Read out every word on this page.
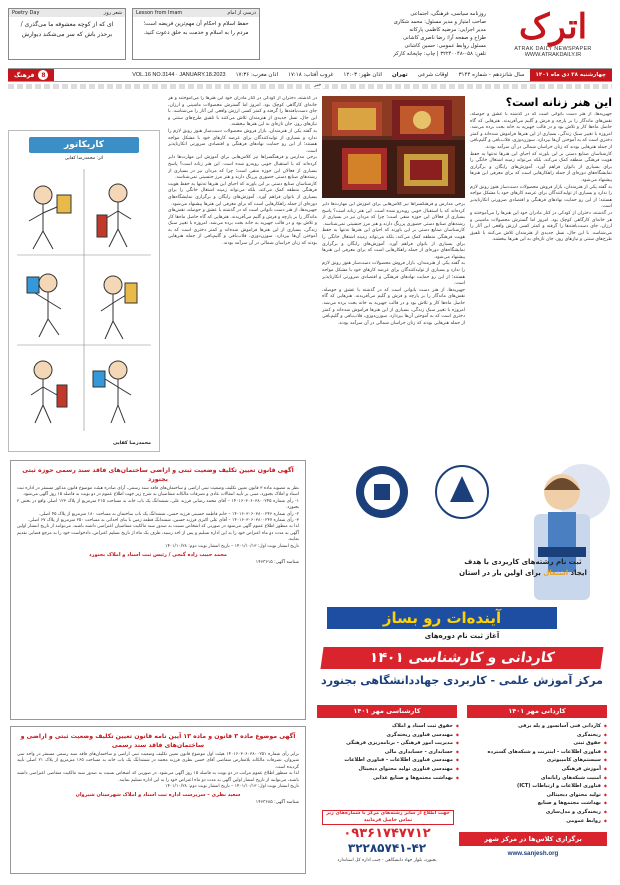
اترک
ATRAK DAILY NEWSPAPER
WWW.ATRAKDAILY.IR
روزنامه سیاسی، فرهنگی، اجتماعی
صاحب امتیاز و مدیر مسئول: محمد شکاری
مدیر اجرایی: مرضیه کاظمی پارکانه
طراح و صفحه آرا: رضا ناصری کاشانی
مسئول روابط عمومی: حسین کاشانی
تلفن: ۰۵۸-۳۲۲۴۰۰۴۸ | چاپ: چاپخانه کارکر
درسی از امام
Lesson from Imam
حفظ اسلام و احکام آن مهم‌ترین فریضه است؛ مردم را به اسلام و خدمت به خلق دعوت کنید.
شعر روز
Poetry Day
ای که از کوچه معشوقه ما می‌گذری / برحذر باش که سر می‌شکند دیوارش
چهارشنبه ۲۸ دی ماه ۱۴۰۱
سال شانزدهم - شماره ۳۱۴۴
اوقات شرعی
تهران
اذان ظهر: ۱۲:۰۳
غروب آفتاب: ۱۷:۱۸
اذان مغرب: ۱۷:۳۶
VOL.16 NO.3144 · JANUARY.18.2023
8
فرهنگ
خبر
این هنر زنانه است؟

جهیزیه‌ها، از هنر دست بانوانی است که در گذشته با عشق و حوصله، نقش‌های ماندگار را بر پارچه و فرش و گلیم می‌آفریدند. هنرهایی که گاه حاصل ماه‌ها کار و تلاش بود و در قالب جهیزیه به خانه بخت برده می‌شد. امروزه با تغییر سبک زندگی، بسیاری از این هنرها فراموش شده‌اند و کمتر دختری است که به آموختن آن‌ها بپردازد. سوزن‌دوزی، قلاب‌بافی و گلیم‌بافی از جمله هنرهایی بودند که زنان خراسان شمالی در آن سرآمد بودند.

کارشناسان صنایع دستی بر این باورند که احیای این هنرها نه‌تنها به حفظ هویت فرهنگی منطقه کمک می‌کند، بلکه می‌تواند زمینه اشتغال خانگی را برای بسیاری از بانوان فراهم آورد. آموزش‌های رایگان و برگزاری نمایشگاه‌های دوره‌ای از جمله راهکارهایی است که برای معرفی این هنرها پیشنهاد می‌شود.

به گفته یکی از هنرمندان، بازار فروش محصولات دست‌ساز هنوز رونق لازم را ندارد و بسیاری از تولیدکنندگان برای عرضه کارهای خود با مشکل مواجه هستند؛ از این رو حمایت نهادهای فرهنگی و اقتصادی ضرورتی انکارناپذیر است.

در گذشته، دختران از کودکی در کنار مادران خود این هنرها را می‌آموختند و هر خانه‌ای کارگاهی کوچک بود. امروز اما گسترش محصولات ماشینی و ارزان، جای دست‌بافته‌ها را گرفته و کمتر کسی ارزش واقعی این آثار را می‌شناسد. با این حال، نسل جدیدی از هنرمندان تلاش می‌کنند با تلفیق طرح‌های سنتی و نیازهای روز، جان تازه‌ای به این هنرها ببخشند.

برخی مدارس و فرهنگسراها نیز کلاس‌هایی برای آموزش این مهارت‌ها دایر کرده‌اند که با استقبال خوبی روبه‌رو شده است. این هنر زنانه است؟ پاسخ بسیاری از فعالان این حوزه منفی است؛ چرا که مردان نیز در بسیاری از رشته‌های صنایع دستی حضوری پررنگ دارند و هنر مرز جنسیتی نمی‌شناسد.

کارشناسان صنایع دستی بر این باورند که احیای این هنرها نه‌تنها به حفظ هویت فرهنگی منطقه کمک می‌کند، بلکه می‌تواند زمینه اشتغال خانگی را برای بسیاری از بانوان فراهم آورد. آموزش‌های رایگان و برگزاری نمایشگاه‌های دوره‌ای از جمله راهکارهایی است که برای معرفی این هنرها پیشنهاد می‌شود.

به گفته یکی از هنرمندان، بازار فروش محصولات دست‌ساز هنوز رونق لازم را ندارد و بسیاری از تولیدکنندگان برای عرضه کارهای خود با مشکل مواجه هستند؛ از این رو حمایت نهادهای فرهنگی و اقتصادی ضرورتی انکارناپذیر است.

جهیزیه‌ها، از هنر دست بانوانی است که در گذشته با عشق و حوصله، نقش‌های ماندگار را بر پارچه و فرش و گلیم می‌آفریدند. هنرهایی که گاه حاصل ماه‌ها کار و تلاش بود و در قالب جهیزیه به خانه بخت برده می‌شد. امروزه با تغییر سبک زندگی، بسیاری از این هنرها فراموش شده‌اند و کمتر دختری است که به آموختن آن‌ها بپردازد. سوزن‌دوزی، قلاب‌بافی و گلیم‌بافی از جمله هنرهایی بودند که زنان خراسان شمالی در آن سرآمد بودند.

در گذشته، دختران از کودکی در کنار مادران خود این هنرها را می‌آموختند و هر خانه‌ای کارگاهی کوچک بود. امروز اما گسترش محصولات ماشینی و ارزان، جای دست‌بافته‌ها را گرفته و کمتر کسی ارزش واقعی این آثار را می‌شناسد. با این حال، نسل جدیدی از هنرمندان تلاش می‌کنند با تلفیق طرح‌های سنتی و نیازهای روز، جان تازه‌ای به این هنرها ببخشند.

به گفته یکی از هنرمندان، بازار فروش محصولات دست‌ساز هنوز رونق لازم را ندارد و بسیاری از تولیدکنندگان برای عرضه کارهای خود با مشکل مواجه هستند؛ از این رو حمایت نهادهای فرهنگی و اقتصادی ضرورتی انکارناپذیر است.

برخی مدارس و فرهنگسراها نیز کلاس‌هایی برای آموزش این مهارت‌ها دایر کرده‌اند که با استقبال خوبی روبه‌رو شده است. این هنر زنانه است؟ پاسخ بسیاری از فعالان این حوزه منفی است؛ چرا که مردان نیز در بسیاری از رشته‌های صنایع دستی حضوری پررنگ دارند و هنر مرز جنسیتی نمی‌شناسد.

کارشناسان صنایع دستی بر این باورند که احیای این هنرها نه‌تنها به حفظ هویت فرهنگی منطقه کمک می‌کند، بلکه می‌تواند زمینه اشتغال خانگی را برای بسیاری از بانوان فراهم آورد. آموزش‌های رایگان و برگزاری نمایشگاه‌های دوره‌ای از جمله راهکارهایی است که برای معرفی این هنرها پیشنهاد می‌شود.

جهیزیه‌ها، از هنر دست بانوانی است که در گذشته با عشق و حوصله، نقش‌های ماندگار را بر پارچه و فرش و گلیم می‌آفریدند. هنرهایی که گاه حاصل ماه‌ها کار و تلاش بود و در قالب جهیزیه به خانه بخت برده می‌شد. امروزه با تغییر سبک زندگی، بسیاری از این هنرها فراموش شده‌اند و کمتر دختری است که به آموختن آن‌ها بپردازد. سوزن‌دوزی، قلاب‌بافی و گلیم‌بافی از جمله هنرهایی بودند که زنان خراسان شمالی در آن سرآمد بودند.

کاریکاتور
اثر: محمدرضا کفایی
محمدرضا کفایی
آگهی قانون تعیین تکلیف وضعیت ثبتی و اراضی ساختمان‌های فاقد سند رسمی حوزه ثبتی بجنورد

نظر به مصوبه ماده ۳ قانون تعیین تکلیف وضعیت ثبتی اراضی و ساختمان‌های فاقد سند رسمی، آرای صادره هیئت موضوع قانون مذکور مستقر در اداره ثبت اسناد و املاک بجنورد، مبنی بر تأیید انتقالات عادی و تصرفات مالکانه متقاضیان به شرح زیر جهت اطلاع عموم در دو نوبت به فاصله ۱۵ روز آگهی می‌شود.

۱- رأی شماره ۱۴۰۱۶۰۳۰۶۰۳۸۰۰۲۴۵ – آقای محمد رضایی فرزند علی، ششدانگ یک باب خانه به مساحت ۲۱۵ مترمربع از پلاک ۱۲۳ اصلی واقع در بخش ۲ بجنورد.

۲- رأی شماره ۱۴۰۱۶۰۳۰۶۰۳۸۰۰۲۴۶ – خانم فاطمه حسینی فرزند حسن، ششدانگ یک باب ساختمان به مساحت ۱۸۰ مترمربع از پلاک ۴۵ اصلی.

۳- رأی شماره ۱۴۰۱۶۰۳۰۶۰۳۸۰۰۲۴۷ – آقای علی اکبری فرزند حسین، ششدانگ قطعه زمین با بنای احداثی به مساحت ۲۵۰ مترمربع از پلاک ۶۷ اصلی.

لذا به منظور اطلاع عموم آگهی می‌شود در صورتی که اشخاص نسبت به صدور سند مالکیت متقاضیان اعتراضی داشته باشند، می‌توانند از تاریخ انتشار اولین آگهی به مدت دو ماه اعتراض خود را به این اداره تسلیم و پس از اخذ رسید، ظرف یک ماه از تاریخ تسلیم اعتراض، دادخواست خود را به مرجع قضایی تقدیم نمایند.

تاریخ انتشار نوبت اول: ۱۴۰۱/۱۰/۱۳ – تاریخ انتشار نوبت دوم: ۱۴۰۱/۱۰/۲۸

محمد حبیب زاده گنجی / رئیس ثبت اسناد و املاک بجنورد
شناسه آگهی: ۱۴۶۳۶۱۵
آگهی موضوع ماده ۳ قانون و ماده ۱۳ آیین نامه قانون تعیین تکلیف وضعیت ثبتی و اراضی و ساختمان‌های فاقد سند رسمی

برابر رأی شماره ۱۴۰۱۶۰۳۰۶۰۳۸۰۰۲۵۱ هیئت اول موضوع قانون تعیین تکلیف وضعیت ثبتی اراضی و ساختمان‌های فاقد سند رسمی مستقر در واحد ثبتی شیروان، تصرفات مالکانه بلامعارض متقاضی آقای حسن نظری فرزند محمد در ششدانگ یک باب خانه به مساحت ۱۶۵ مترمربع از پلاک ۲۱ اصلی تأیید گردیده است.

لذا به منظور اطلاع عموم مراتب در دو نوبت به فاصله ۱۵ روز آگهی می‌شود. در صورتی که اشخاص نسبت به صدور سند مالکیت متقاضی اعتراضی داشته باشند، می‌توانند از تاریخ انتشار اولین آگهی به مدت دو ماه اعتراض خود را به این اداره تسلیم نمایند.

تاریخ انتشار نوبت اول: ۱۴۰۱/۱۰/۱۳ – تاریخ انتشار نوبت دوم: ۱۴۰۱/۱۰/۲۸

سعید نظری – سرپرست اداره ثبت اسناد و املاک شهرستان شیروان
شناسه آگهی: ۱۴۶۳۶۸۵
ثبت نام رشته‌ها‌ی کاربردی با هدف
ایجاد اشتغال برای اولین بار در استان
آینده‌ات رو بساز
آغاز ثبت نام دوره‌های
کاردانی و کارشناسی ۱۴۰۱
مرکز آموزش علمی - کاربردی جهاددانشگاهی بجنورد
کاردانی مهر ۱۴۰۱
کارشناسی مهر ۱۴۰۱
◆ کاردانی فنی آسانسور و پله برقی
◆ ریخته‌گری
◆ حقوق ثبتی
◆ فناوری اطلاعات - اینترنت و شبکه‌های گسترده
◆ سیستم‌های کامپیوتری
◆ آموزش فرهنگی
◆ امنیت شبکه‌های رایانه‌ای
◆ فناوری اطلاعات و ارتباطات (ICT)
◆ تولید محتوای دیجیتالی
◆ بهداشت مجتمع‌ها و صنایع
◆ ریخته‌گری و مدل‌سازی
◆ روابط عمومی
◆ حقوق ثبت اسناد و املاک
◆ مهندسی فناوری ریخته‌گری
◆ مدیریت امور فرهنگی - برنامه‌ریزی فرهنگی
◆ حسابداری - حسابداری مالی
◆ مهندسی فناوری اطلاعات - فناوری اطلاعات
◆ مهندسی فناوری تولید محتوای دیجیتال
◆ بهداشت مجتمع‌ها و صنایع غذایی
جهت اطلاع از سایر رشته‌های مرکز با شماره‌های زیر تماس حاصل فرمایید
۰۹۳۶۱۷۴۷۷۱۲
۳۲۲۸۵۷۴۱-۴۲
بجنورد، بلوار جهاد دانشگاهی - جنب اداره کل استاندارد
برگزاری کلاس‌ها در مرکز شهر
www.sanjesh.org
